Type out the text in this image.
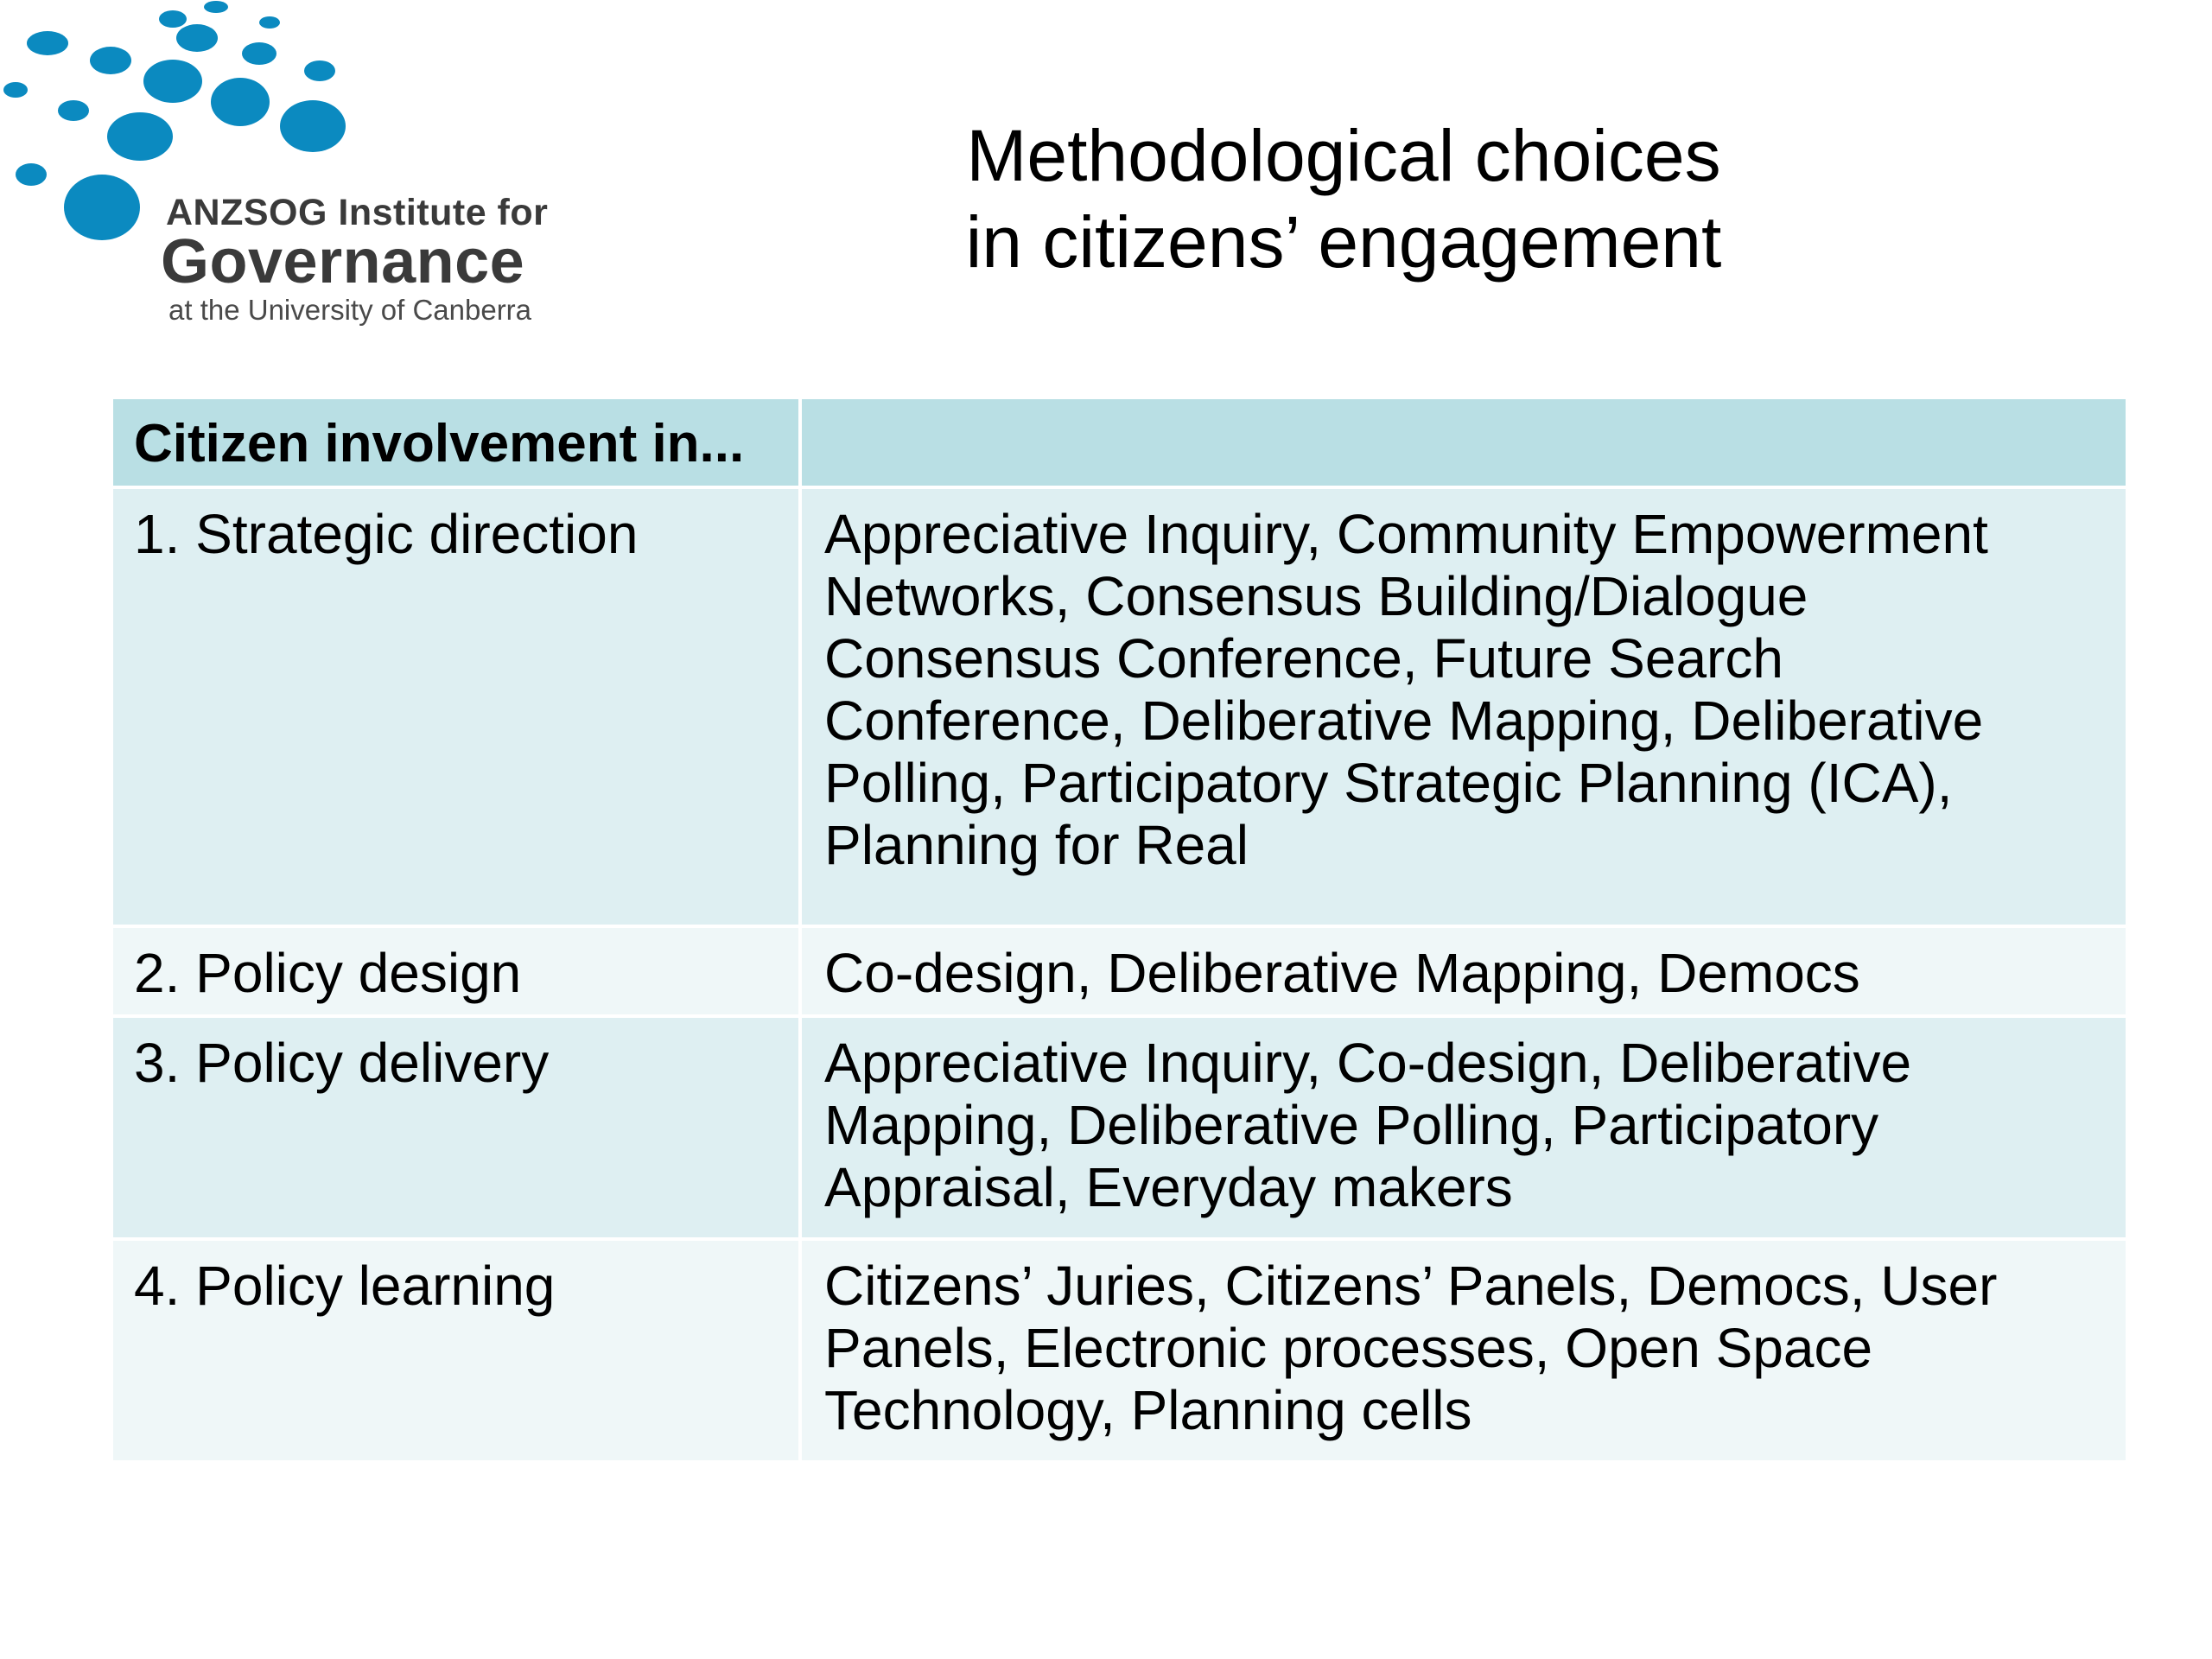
ANZSOG Institute for
Governance
at the University of Canberra
Methodological choices
in citizens’ engagement
Citizen involvement in...
1. Strategic direction	Appreciative Inquiry, Community Empowerment Networks, Consensus Building/Dialogue Consensus Conference, Future Search Conference, Deliberative Mapping, Deliberative Polling, Participatory Strategic Planning (ICA), Planning for Real
2. Policy design	Co-design, Deliberative Mapping, Democs
3. Policy delivery	Appreciative Inquiry, Co-design, Deliberative Mapping, Deliberative Polling, Participatory Appraisal, Everyday makers
4. Policy learning	Citizens’ Juries, Citizens’ Panels, Democs, User Panels, Electronic processes, Open Space Technology, Planning cells
